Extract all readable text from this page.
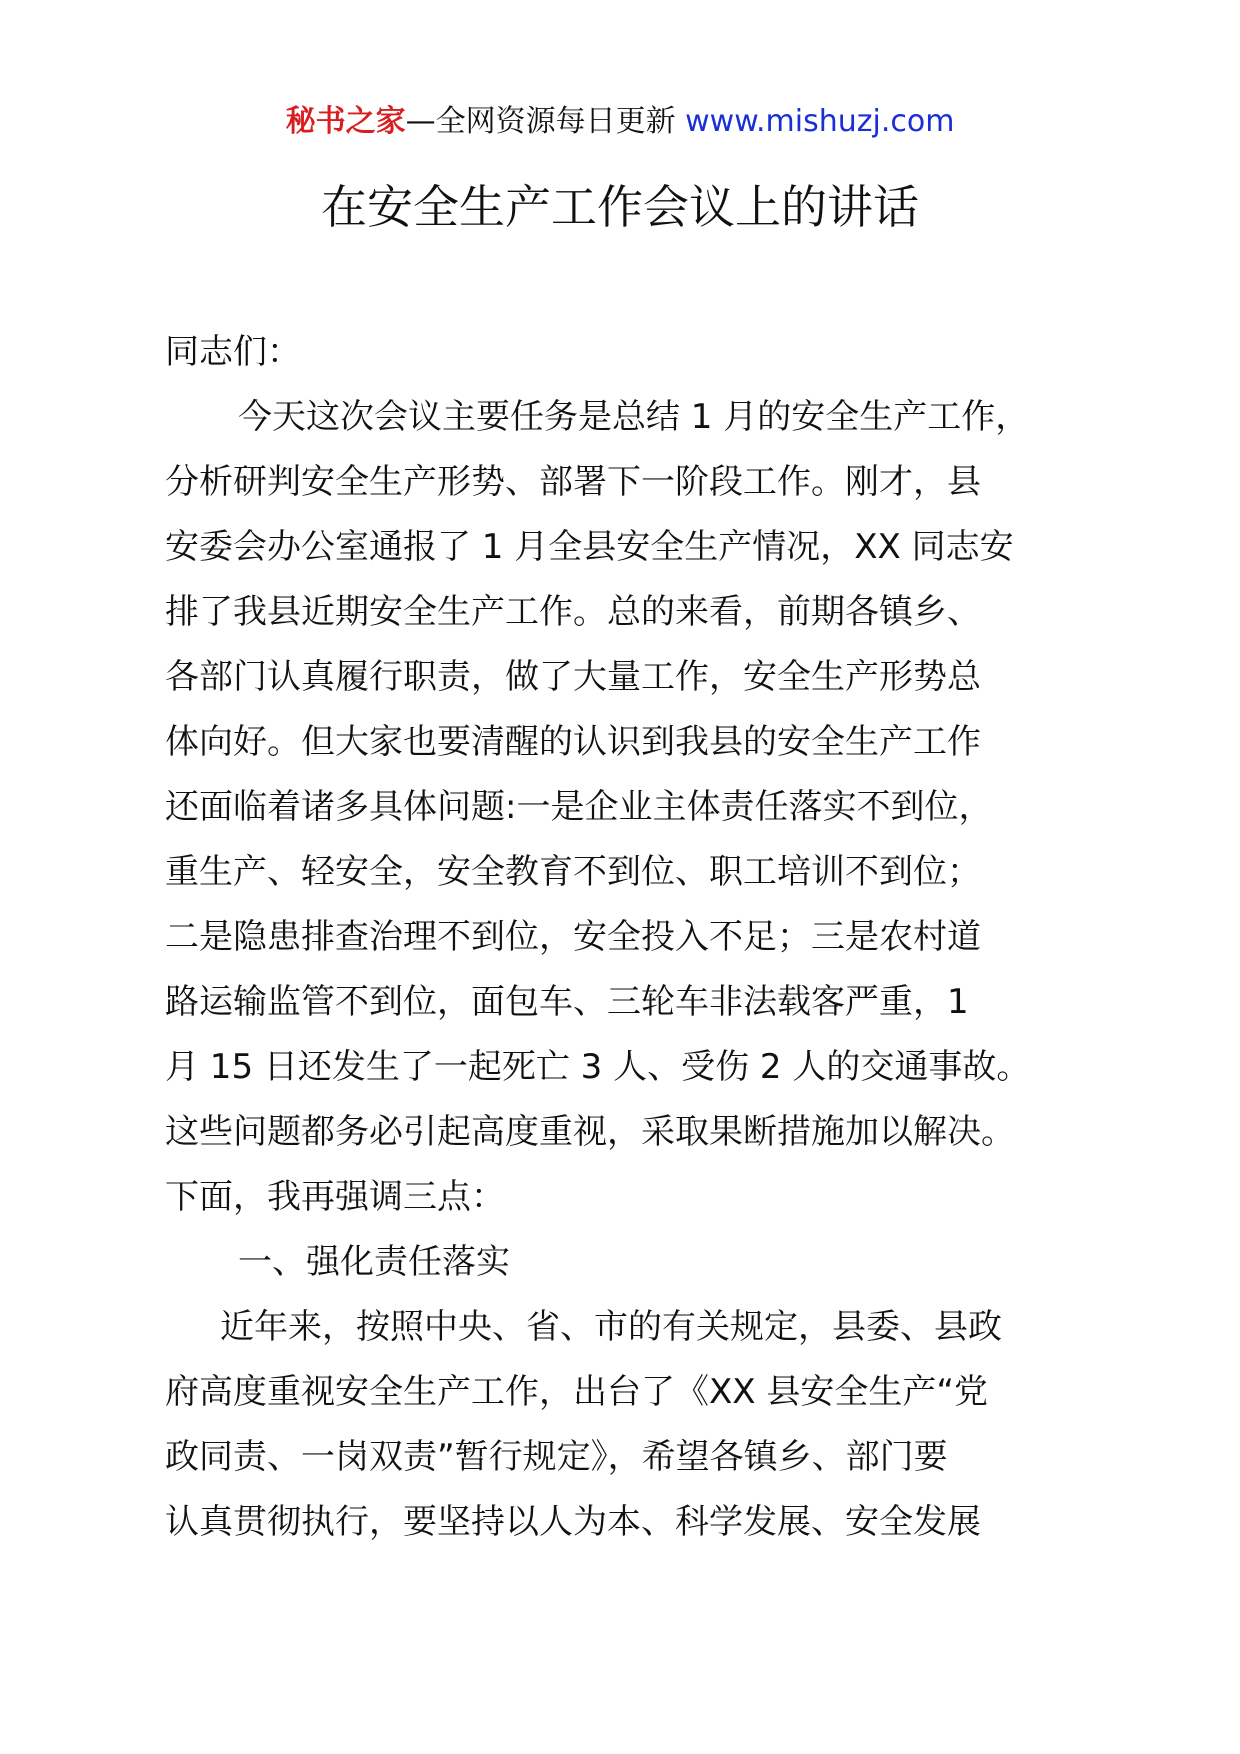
秘书之家—全网资源每日更新 www.mishuzj.com
在安全生产工作会议上的讲话
同志们：
今天这次会议主要任务是总结 1 月的安全生产工作，
分析研判安全生产形势、部署下一阶段工作。刚才，县
安委会办公室通报了 1 月全县安全生产情况，XX 同志安
排了我县近期安全生产工作。总的来看，前期各镇乡、
各部门认真履行职责，做了大量工作，安全生产形势总
体向好。但大家也要清醒的认识到我县的安全生产工作
还面临着诸多具体问题:一是企业主体责任落实不到位，
重生产、轻安全，安全教育不到位、职工培训不到位；
二是隐患排查治理不到位，安全投入不足；三是农村道
路运输监管不到位，面包车、三轮车非法载客严重，1
月 15 日还发生了一起死亡 3 人、受伤 2 人的交通事故。
这些问题都务必引起高度重视，采取果断措施加以解决。
下面，我再强调三点：
一、强化责任落实
近年来，按照中央、省、市的有关规定，县委、县政
府高度重视安全生产工作，出台了《XX 县安全生产“党
政同责、一岗双责”暂行规定》，希望各镇乡、部门要
认真贯彻执行，要坚持以人为本、科学发展、安全发展
